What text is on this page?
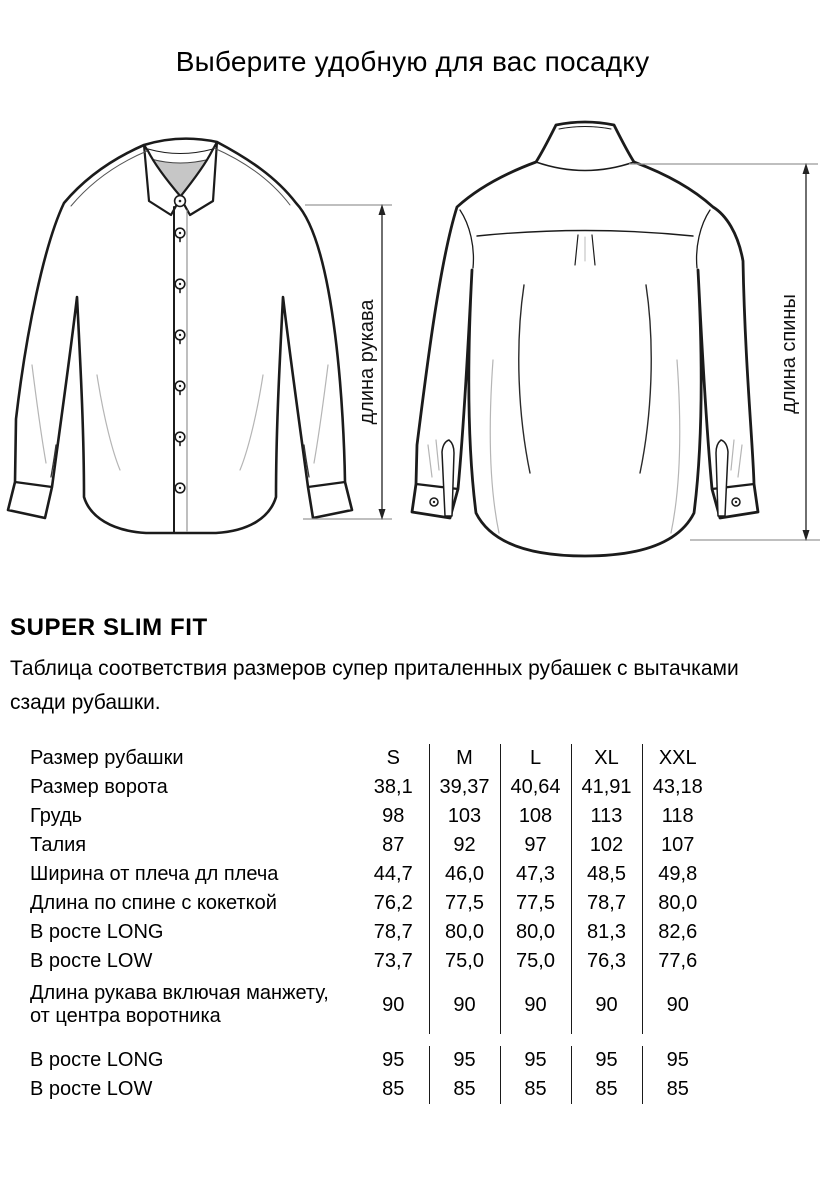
Выберите удобную для вас посадку
длина рукава	длина спины
SUPER SLIM FIT
Таблица соответствия размеров супер приталенных рубашек с вытачками
сзади рубашки.
Размер рубашки	S	M	L	XL	XXL
Размер ворота	38,1	39,37	40,64	41,91	43,18
Грудь	98	103	108	113	118
Талия	87	92	97	102	107
Ширина от плеча дл плеча	44,7	46,0	47,3	48,5	49,8
Длина по спине с кокеткой	76,2	77,5	77,5	78,7	80,0
В росте LONG	78,7	80,0	80,0	81,3	82,6
В росте LOW	73,7	75,0	75,0	76,3	77,6
Длина рукава включая манжету,
от центра воротника	90	90	90	90	90

В росте LONG	95	95	95	95	95
В росте LOW	85	85	85	85	85
